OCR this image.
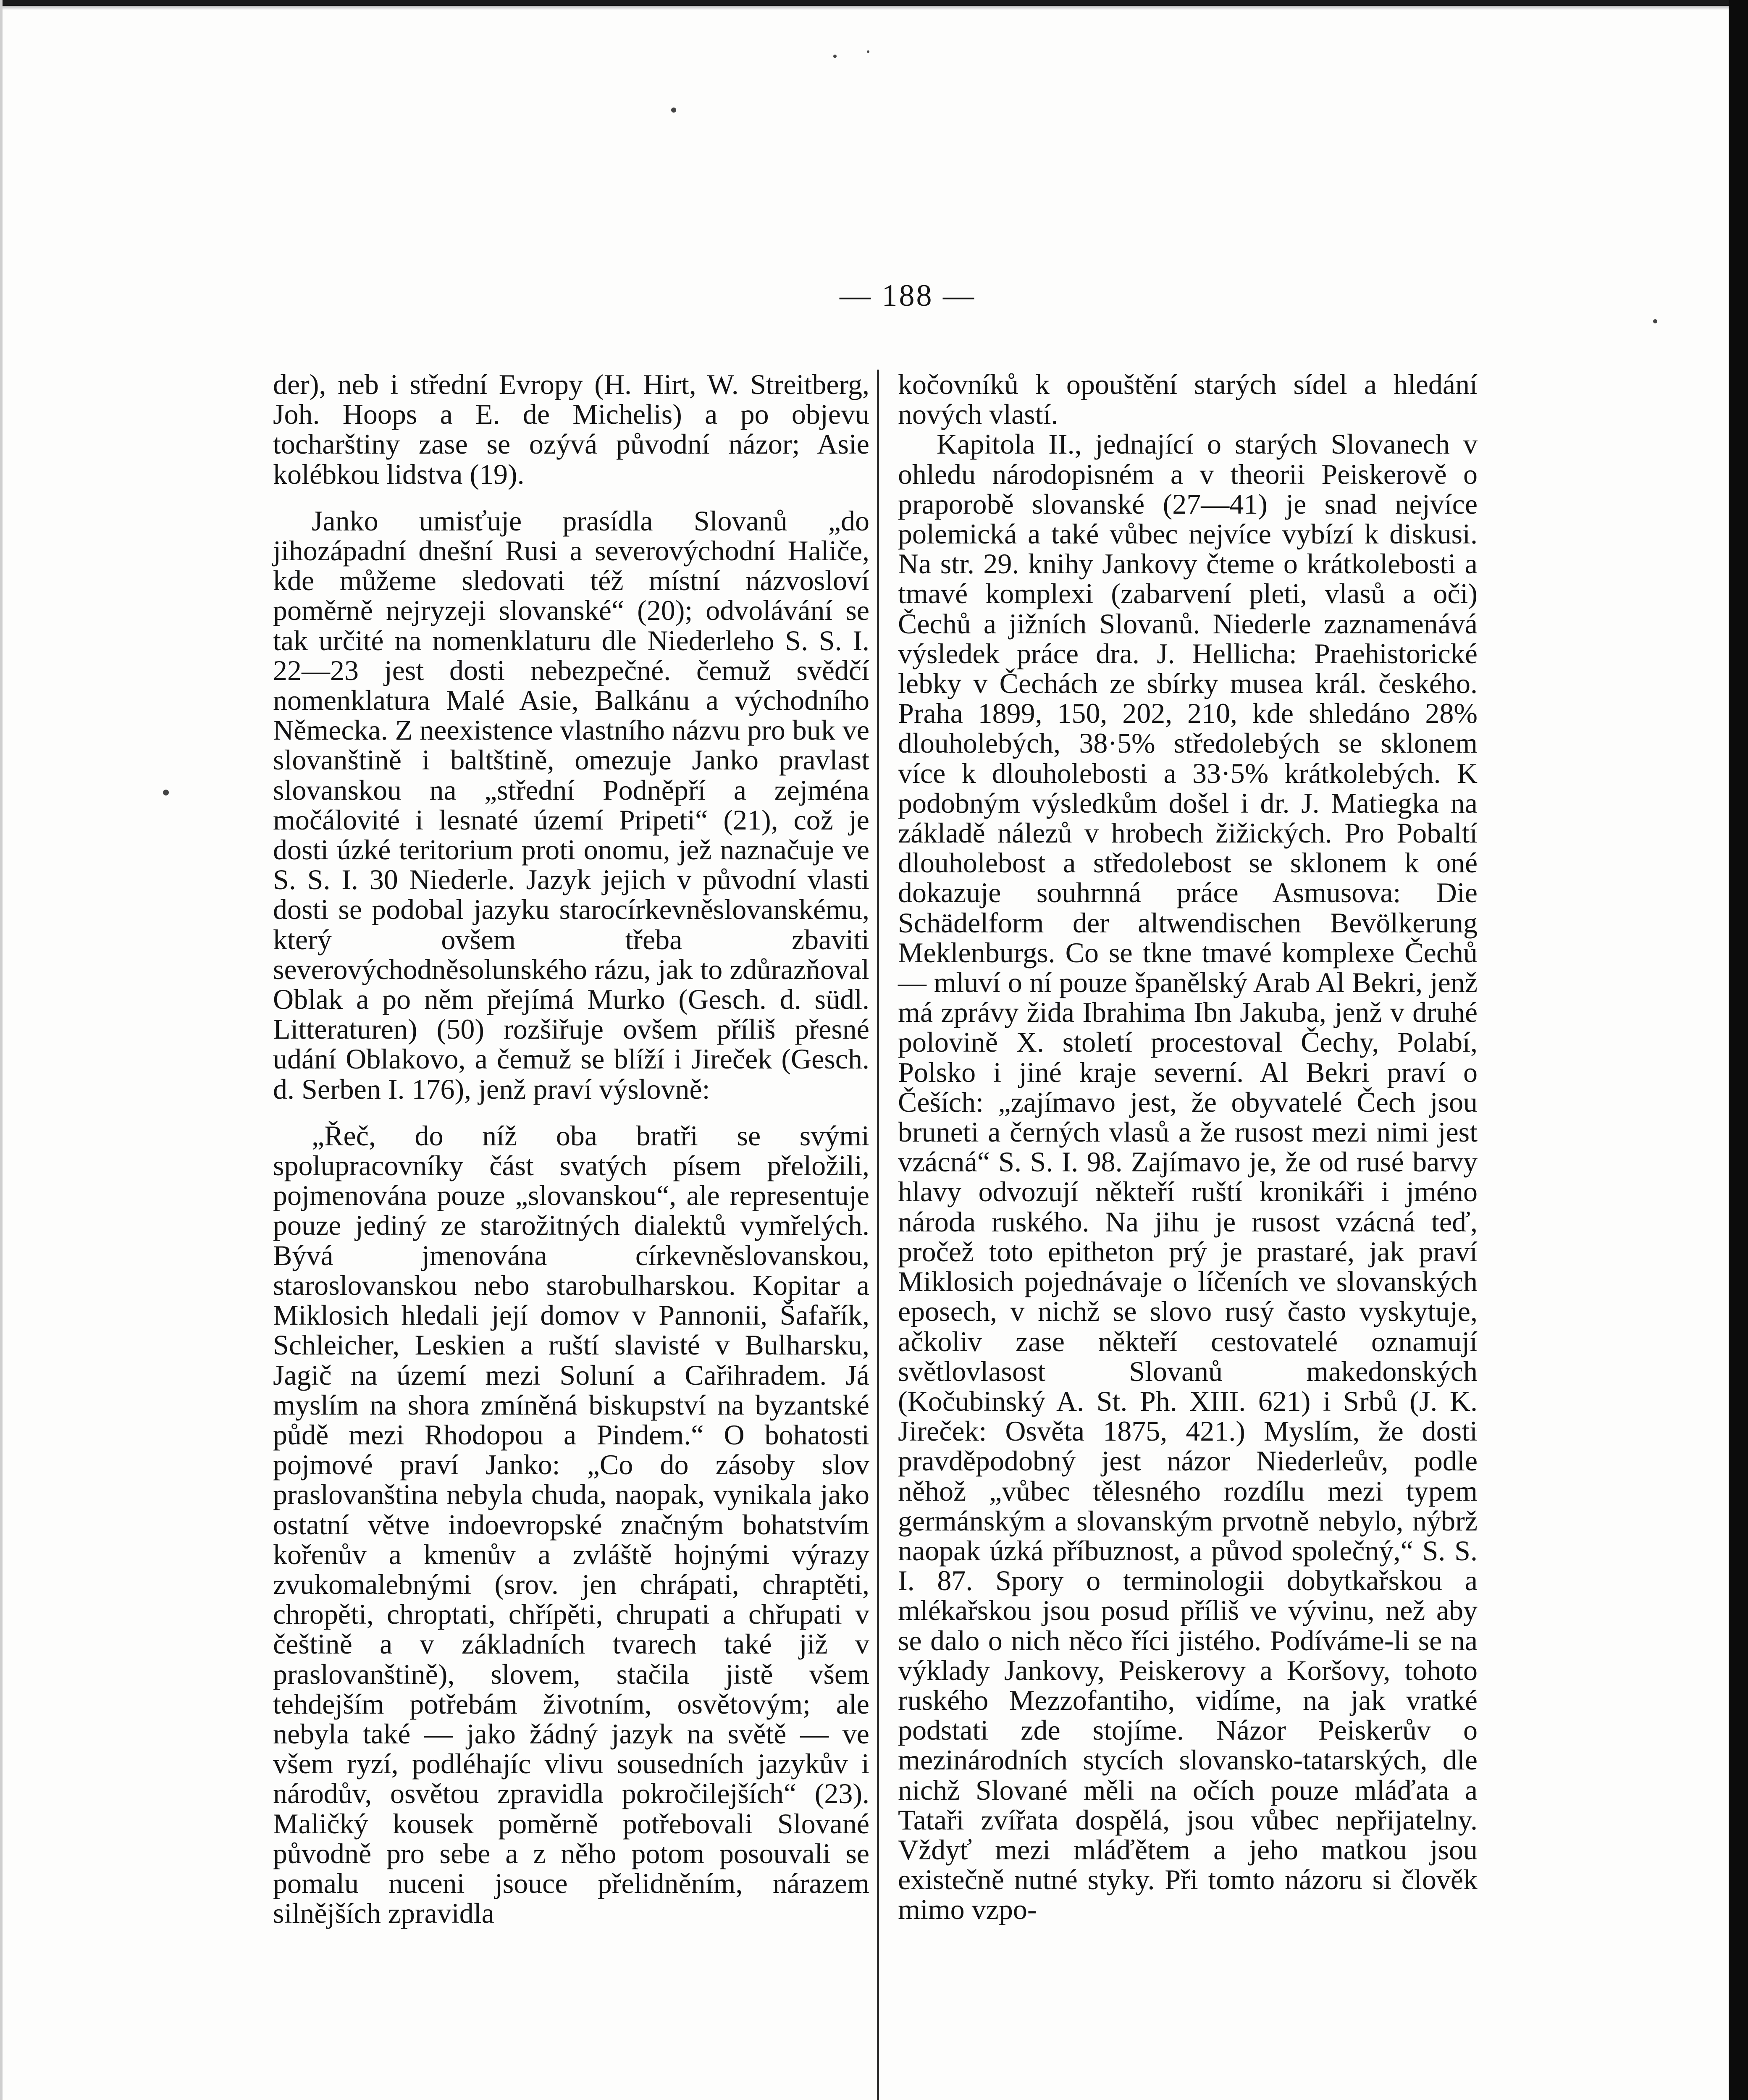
— 188 —

der), neb i střední Evropy (H. Hirt, W. Streitberg, Joh. Hoops a E. de Michelis) a po objevu tocharštiny zase se ozývá původní názor; Asie kolébkou lidstva (19).

Janko umisťuje prasídla Slovanů „do jihozápadní dnešní Rusi a severovýchodní Haliče, kde můžeme sledovati též místní názvosloví poměrně nejryzeji slovanské“ (20); odvolávání se tak určité na nomenklaturu dle Niederleho S. S. I. 22—23 jest dosti nebezpečné. čemuž svědčí nomenklatura Malé Asie, Balkánu a východního Německa. Z neexistence vlastního názvu pro buk ve slovanštině i baltštině, omezuje Janko pravlast slovanskou na „střední Podněpří a zejména močálovité i lesnaté území Pripeti“ (21), což je dosti úzké teritorium proti onomu, jež naznačuje ve S. S. I. 30 Niederle. Jazyk jejich v původní vlasti dosti se podobal jazyku starocírkevněslovanskému, který ovšem třeba zbaviti severovýchodněsolunského rázu, jak to zdůrazňoval Oblak a po něm přejímá Murko (Gesch. d. südl. Litteraturen) (50) rozšiřuje ovšem příliš přesné udání Oblakovo, a čemuž se blíží i Jireček (Gesch. d. Serben I. 176), jenž praví výslovně:

„Řeč, do níž oba bratři se svými spolupracovníky část svatých písem přeložili, pojmenována pouze „slovanskou“, ale representuje pouze jediný ze starožitných dialektů vymřelých. Bývá jmenována církevněslovanskou, staroslovanskou nebo starobulharskou. Kopitar a Miklosich hledali její domov v Pannonii, Šafařík, Schleicher, Leskien a ruští slavisté v Bulharsku, Jagič na území mezi Soluní a Cařihradem. Já myslím na shora zmíněná biskupství na byzantské půdě mezi Rhodopou a Pindem.“ O bohatosti pojmové praví Janko: „Co do zásoby slov praslovanština nebyla chuda, naopak, vynikala jako ostatní větve indoevropské značným bohatstvím kořenův a kmenův a zvláště hojnými výrazy zvukomalebnými (srov. jen chrápati, chraptěti, chropěti, chroptati, chřípěti, chrupati a chřupati v češtině a v základních tvarech také již v praslovanštině), slovem, stačila jistě všem tehdejším potřebám životním, osvětovým; ale nebyla také — jako žádný jazyk na světě — ve všem ryzí, podléhajíc vlivu sousedních jazykův i národův, osvětou zpravidla pokročilejších“ (23). Maličký kousek poměrně potřebovali Slované původně pro sebe a z něho potom posouvali se pomalu nuceni jsouce přelidněním, nárazem silnějších zpravidla

kočovníků k opouštění starých sídel a hledání nových vlastí.

Kapitola II., jednající o starých Slovanech v ohledu národopisném a v theorii Peiskerově o praporobě slovanské (27—41) je snad nejvíce polemická a také vůbec nejvíce vybízí k diskusi. Na str. 29. knihy Jankovy čteme o krátkolebosti a tmavé komplexi (zabarvení pleti, vlasů a oči) Čechů a jižních Slovanů. Niederle zaznamenává výsledek práce dra. J. Hellicha: Praehistorické lebky v Čechách ze sbírky musea král. českého. Praha 1899, 150, 202, 210, kde shledáno 28% dlouholebých, 38·5% středolebých se sklonem více k dlouholebosti a 33·5% krátkolebých. K podobným výsledkům došel i dr. J. Matiegka na základě nálezů v hrobech žižických. Pro Pobaltí dlouholebost a středolebost se sklonem k oné dokazuje souhrnná práce Asmusova: Die Schädelform der altwendischen Bevölkerung Meklenburgs. Co se tkne tmavé komplexe Čechů — mluví o ní pouze španělský Arab Al Bekri, jenž má zprávy žida Ibrahima Ibn Jakuba, jenž v druhé polovině X. století procestoval Čechy, Polabí, Polsko i jiné kraje severní. Al Bekri praví o Češích: „zajímavo jest, že obyvatelé Čech jsou bruneti a černých vlasů a že rusost mezi nimi jest vzácná“ S. S. I. 98. Zajímavo je, že od rusé barvy hlavy odvozují někteří ruští kronikáři i jméno národa ruského. Na jihu je rusost vzácná teď, pročež toto epitheton prý je prastaré, jak praví Miklosich pojednávaje o líčeních ve slovanských eposech, v nichž se slovo rusý často vyskytuje, ačkoliv zase někteří cestovatelé oznamují světlovlasost Slovanů makedonských (Kočubinský A. St. Ph. XIII. 621) i Srbů (J. K. Jireček: Osvěta 1875, 421.) Myslím, že dosti pravděpodobný jest názor Niederleův, podle něhož „vůbec tělesného rozdílu mezi typem germánským a slovanským prvotně nebylo, nýbrž naopak úzká příbuznost, a původ společný,“ S. S. I. 87. Spory o terminologii dobytkařskou a mlékařskou jsou posud příliš ve vývinu, než aby se dalo o nich něco říci jistého. Podíváme-li se na výklady Jankovy, Peiskerovy a Koršovy, tohoto ruského Mezzofantiho, vidíme, na jak vratké podstati zde stojíme. Názor Peiskerův o mezinárodních stycích slovansko-tatarských, dle nichž Slované měli na očích pouze mláďata a Tataři zvířata dospělá, jsou vůbec nepřijatelny. Vždyť mezi mláďětem a jeho matkou jsou existečně nutné styky. Při tomto názoru si člověk mimo vzpo-
